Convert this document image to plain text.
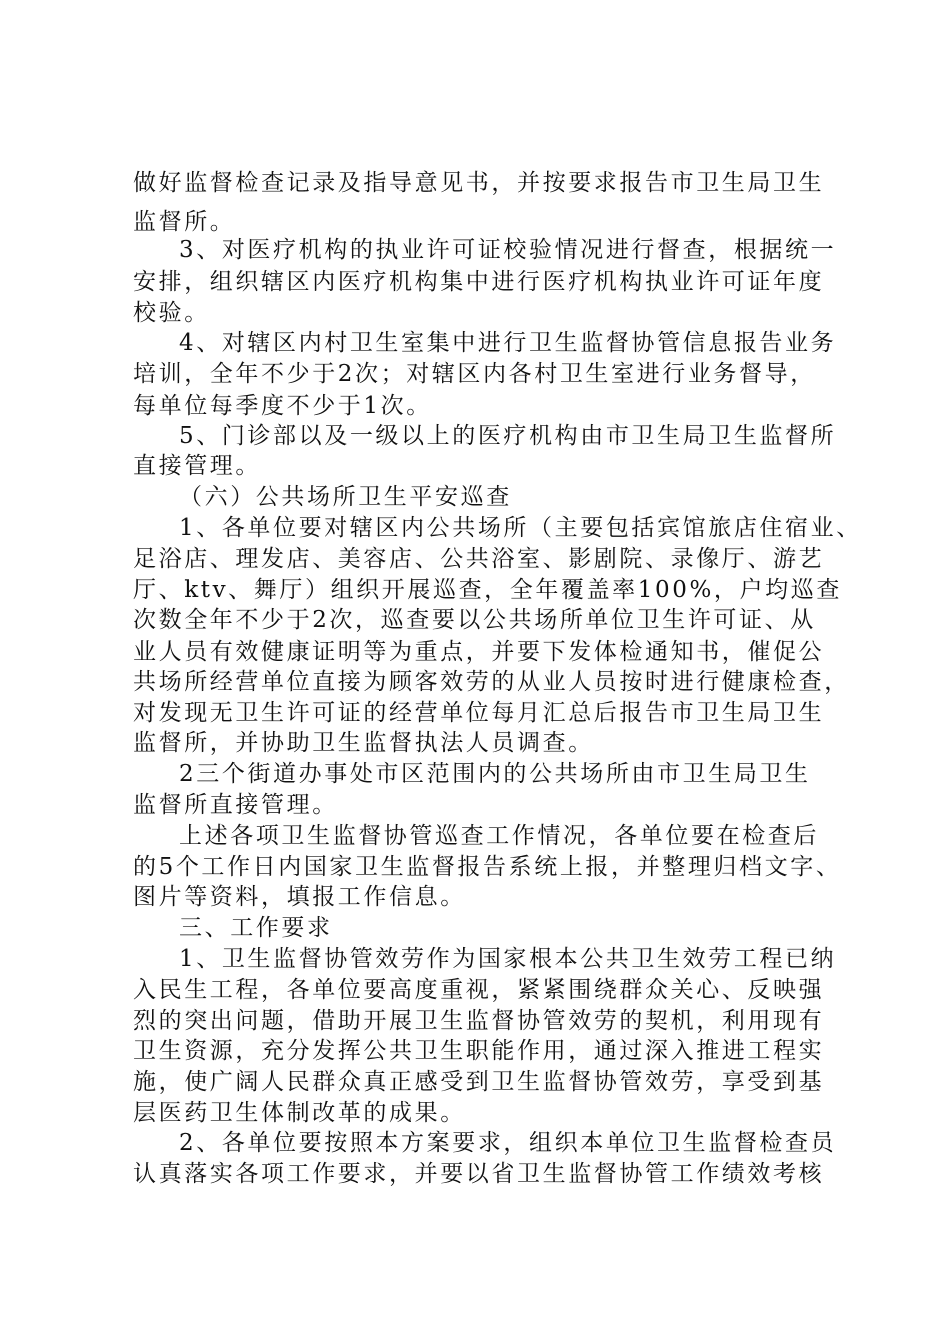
做好监督检查记录及指导意见书，并按要求报告市卫生局卫生
监督所。
3、对医疗机构的执业许可证校验情况进行督查，根据统一
安排，组织辖区内医疗机构集中进行医疗机构执业许可证年度
校验。
4、对辖区内村卫生室集中进行卫生监督协管信息报告业务
培训，全年不少于2次；对辖区内各村卫生室进行业务督导，
每单位每季度不少于1次。
5、门诊部以及一级以上的医疗机构由市卫生局卫生监督所
直接管理。
（六）公共场所卫生平安巡查
1、各单位要对辖区内公共场所（主要包括宾馆旅店住宿业、
足浴店、理发店、美容店、公共浴室、影剧院、录像厅、游艺
厅、ktv、舞厅）组织开展巡查，全年覆盖率100%，户均巡查
次数全年不少于2次，巡查要以公共场所单位卫生许可证、从
业人员有效健康证明等为重点，并要下发体检通知书，催促公
共场所经营单位直接为顾客效劳的从业人员按时进行健康检查，
对发现无卫生许可证的经营单位每月汇总后报告市卫生局卫生
监督所，并协助卫生监督执法人员调查。
2三个街道办事处市区范围内的公共场所由市卫生局卫生
监督所直接管理。
上述各项卫生监督协管巡查工作情况，各单位要在检查后
的5个工作日内国家卫生监督报告系统上报，并整理归档文字、
图片等资料，填报工作信息。
三、工作要求
1、卫生监督协管效劳作为国家根本公共卫生效劳工程已纳
入民生工程，各单位要高度重视，紧紧围绕群众关心、反映强
烈的突出问题，借助开展卫生监督协管效劳的契机，利用现有
卫生资源，充分发挥公共卫生职能作用，通过深入推进工程实
施，使广阔人民群众真正感受到卫生监督协管效劳，享受到基
层医药卫生体制改革的成果。
2、各单位要按照本方案要求，组织本单位卫生监督检查员
认真落实各项工作要求，并要以省卫生监督协管工作绩效考核
